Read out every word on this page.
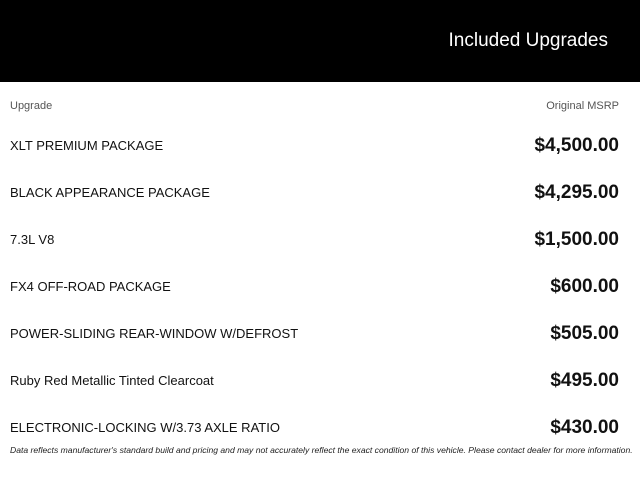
Included Upgrades
Upgrade	Original MSRP
XLT PREMIUM PACKAGE	$4,500.00
BLACK APPEARANCE PACKAGE	$4,295.00
7.3L V8	$1,500.00
FX4 OFF-ROAD PACKAGE	$600.00
POWER-SLIDING REAR-WINDOW W/DEFROST	$505.00
Ruby Red Metallic Tinted Clearcoat	$495.00
ELECTRONIC-LOCKING W/3.73 AXLE RATIO	$430.00
Data reflects manufacturer's standard build and pricing and may not accurately reflect the exact condition of this vehicle. Please contact dealer for more information.
